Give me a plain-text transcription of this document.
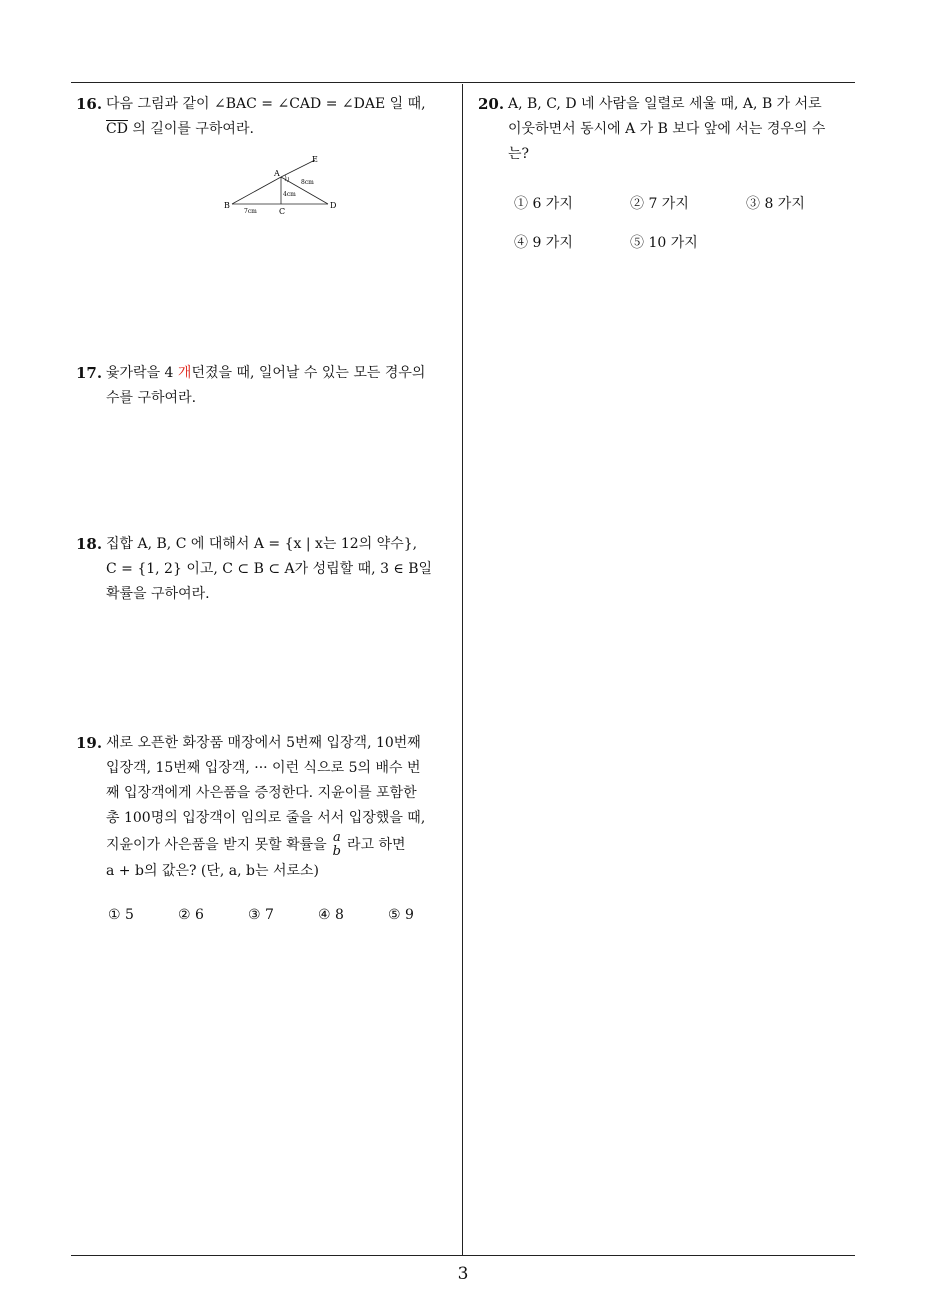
16. 다음 그림과 같이 ∠BAC = ∠CAD = ∠DAE 일 때,

$\overline{CD}$ 의 길이를 구하여라.

A
B
C
D
E
7cm
4cm
8cm
17. 윷가락을 4 개던졌을 때, 일어날 수 있는 모든 경우의

수를 구하여라.

18. 집합 A, B, C 에 대해서 A = {x | x는 12의 약수},

C = {1, 2} 이고, C ⊂ B ⊂ A가 성립할 때, 3 ∈ B일

확률을 구하여라.

19. 새로 오픈한 화장품 매장에서 5번째 입장객, 10번째

입장객, 15번째 입장객, ··· 이런 식으로 5의 배수 번

째 입장객에게 사은품을 증정한다. 지윤이를 포함한

총 100명의 입장객이 임의로 줄을 서서 입장했을 때,

지윤이가 사은품을 받지 못할 확률을 a
b 라고 하면

a + b의 값은? (단, a, b는 서로소)

① 5	② 6	③ 7	④ 8	⑤ 9
20. A, B, C, D 네 사람을 일렬로 세울 때, A, B 가 서로

이웃하면서 동시에 A 가 B 보다 앞에 서는 경우의 수

는?

① 6 가지	② 7 가지	③ 8 가지
④ 9 가지	⑤ 10 가지
3
